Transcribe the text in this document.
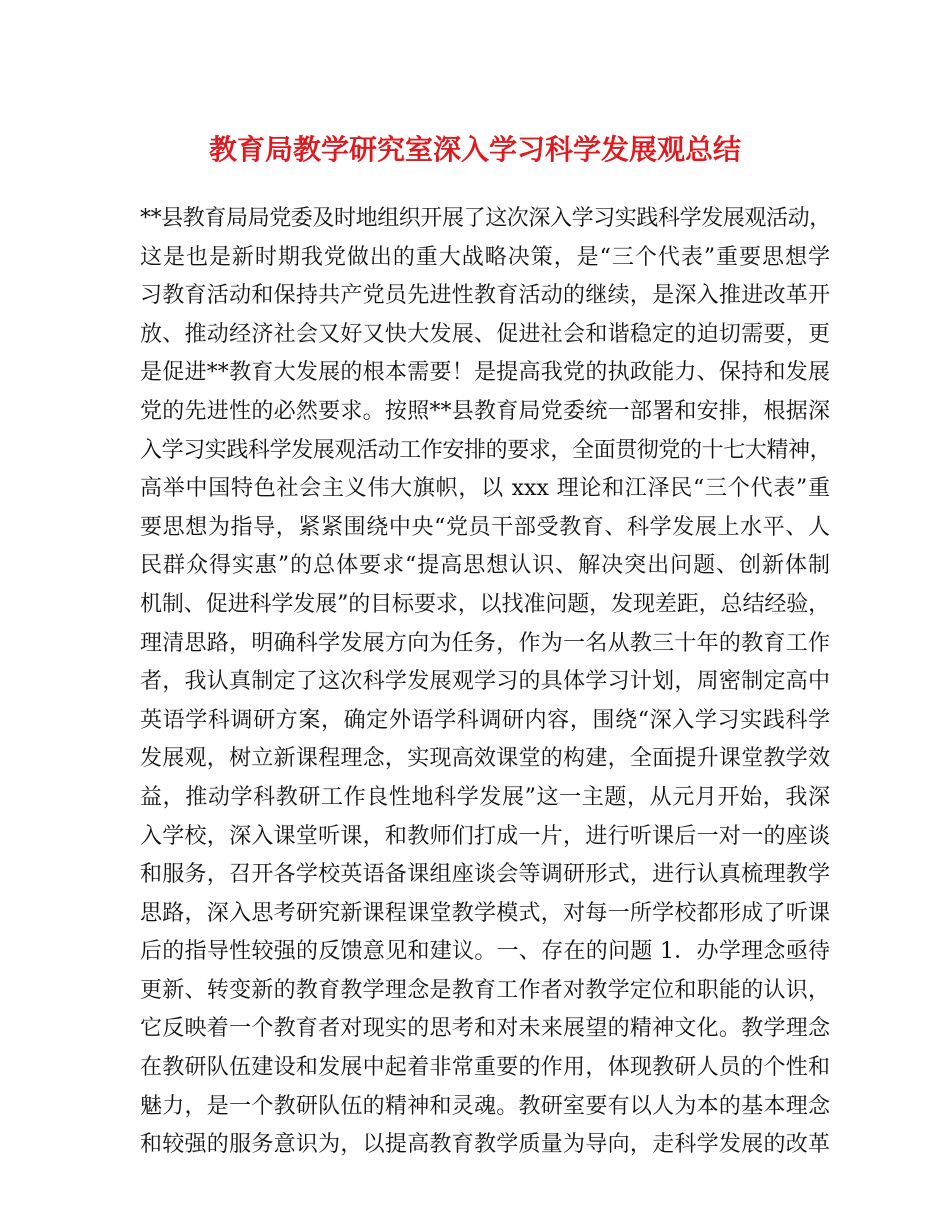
教育局教学研究室深入学习科学发展观总结
**县教育局局党委及时地组织开展了这次深入学习实践科学发展观活动，
这是也是新时期我党做出的重大战略决策，是“三个代表”重要思想学
习教育活动和保持共产党员先进性教育活动的继续，是深入推进改革开
放、推动经济社会又好又快大发展、促进社会和谐稳定的迫切需要，更
是促进**教育大发展的根本需要！是提高我党的执政能力、保持和发展
党的先进性的必然要求。按照**县教育局党委统一部署和安排，根据深
入学习实践科学发展观活动工作安排的要求，全面贯彻党的十七大精神，
高举中国特色社会主义伟大旗帜，以 xxx 理论和江泽民“三个代表”重
要思想为指导，紧紧围绕中央“党员干部受教育、科学发展上水平、人
民群众得实惠”的总体要求“提高思想认识、解决突出问题、创新体制
机制、促进科学发展”的目标要求，以找准问题，发现差距，总结经验，
理清思路，明确科学发展方向为任务，作为一名从教三十年的教育工作
者，我认真制定了这次科学发展观学习的具体学习计划，周密制定高中
英语学科调研方案，确定外语学科调研内容，围绕“深入学习实践科学
发展观，树立新课程理念，实现高效课堂的构建，全面提升课堂教学效
益，推动学科教研工作良性地科学发展”这一主题，从元月开始，我深
入学校，深入课堂听课，和教师们打成一片，进行听课后一对一的座谈
和服务，召开各学校英语备课组座谈会等调研形式，进行认真梳理教学
思路，深入思考研究新课程课堂教学模式，对每一所学校都形成了听课
后的指导性较强的反馈意见和建议。一、存在的问题 1．办学理念亟待
更新、转变新的教育教学理念是教育工作者对教学定位和职能的认识，
它反映着一个教育者对现实的思考和对未来展望的精神文化。教学理念
在教研队伍建设和发展中起着非常重要的作用，体现教研人员的个性和
魅力，是一个教研队伍的精神和灵魂。教研室要有以人为本的基本理念
和较强的服务意识为，以提高教育教学质量为导向，走科学发展的改革
